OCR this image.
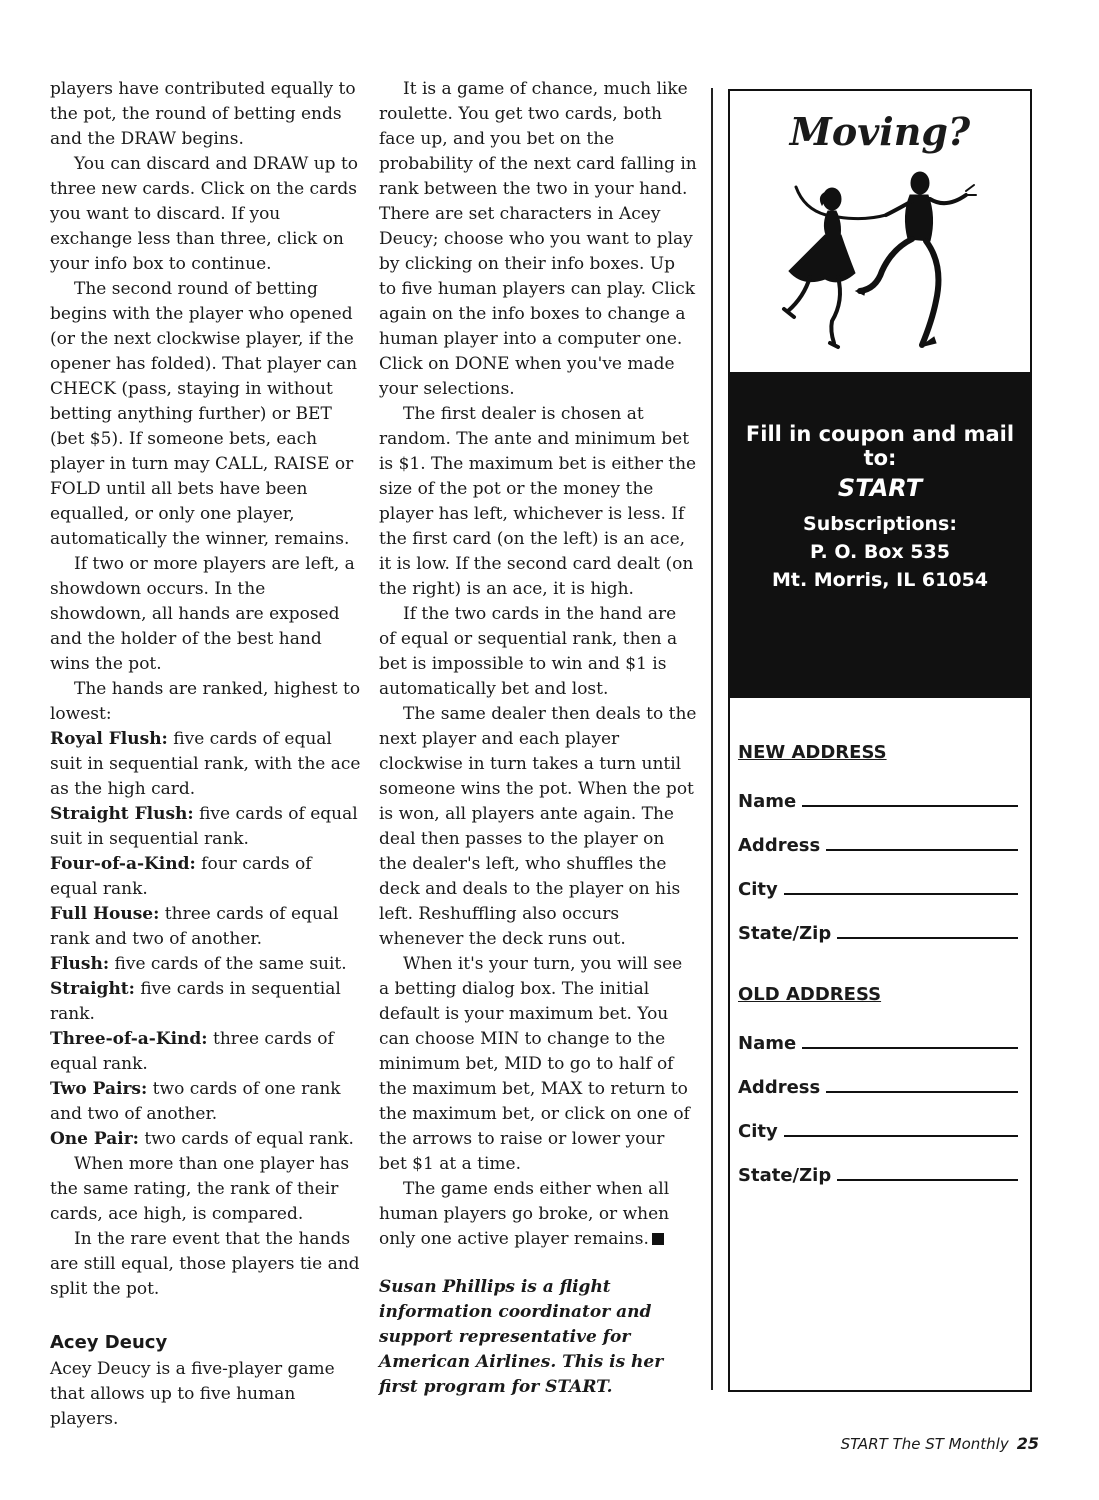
players have contributed equally to the pot, the round of betting ends and the DRAW begins.

You can discard and DRAW up to three new cards. Click on the cards you want to discard. If you exchange less than three, click on your info box to continue.

The second round of betting begins with the player who opened (or the next clockwise player, if the opener has folded). That player can CHECK (pass, staying in without betting anything further) or BET (bet $5). If someone bets, each player in turn may CALL, RAISE or FOLD until all bets have been equalled, or only one player, automatically the winner, remains.

If two or more players are left, a showdown occurs. In the showdown, all hands are exposed and the holder of the best hand wins the pot.

The hands are ranked, highest to lowest:

Royal Flush: five cards of equal suit in sequential rank, with the ace as the high card.

Straight Flush: five cards of equal suit in sequential rank.

Four-of-a-Kind: four cards of equal rank.

Full House: three cards of equal rank and two of another.

Flush: five cards of the same suit.

Straight: five cards in sequential rank.

Three-of-a-Kind: three cards of equal rank.

Two Pairs: two cards of one rank and two of another.

One Pair: two cards of equal rank.

When more than one player has the same rating, the rank of their cards, ace high, is compared.

In the rare event that the hands are still equal, those players tie and split the pot.

Acey Deucy

Acey Deucy is a five-player game that allows up to five human players.

It is a game of chance, much like roulette. You get two cards, both face up, and you bet on the probability of the next card falling in rank between the two in your hand. There are set characters in Acey Deucy; choose who you want to play by clicking on their info boxes. Up to five human players can play. Click again on the info boxes to change a human player into a computer one. Click on DONE when you've made your selections.

The first dealer is chosen at random. The ante and minimum bet is $1. The maximum bet is either the size of the pot or the money the player has left, whichever is less. If the first card (on the left) is an ace, it is low. If the second card dealt (on the right) is an ace, it is high.

If the two cards in the hand are of equal or sequential rank, then a bet is impossible to win and $1 is automatically bet and lost.

The same dealer then deals to the next player and each player clockwise in turn takes a turn until someone wins the pot. When the pot is won, all players ante again. The deal then passes to the player on the dealer's left, who shuffles the deck and deals to the player on his left. Reshuffling also occurs whenever the deck runs out.

When it's your turn, you will see a betting dialog box. The initial default is your maximum bet. You can choose MIN to change to the minimum bet, MID to go to half of the maximum bet, MAX to return to the maximum bet, or click on one of the arrows to raise or lower your bet $1 at a time.

The game ends either when all human players go broke, or when only one active player remains.

Susan Phillips is a flight information coordinator and support representative for American Airlines. This is her first program for START.

Moving?
Fill in coupon and mail to:
START
Subscriptions:
P. O. Box 535
Mt. Morris, IL 61054
NEW ADDRESS
Name
Address
City
State/Zip
OLD ADDRESS
Name
Address
City
State/Zip
START The ST Monthly 25
